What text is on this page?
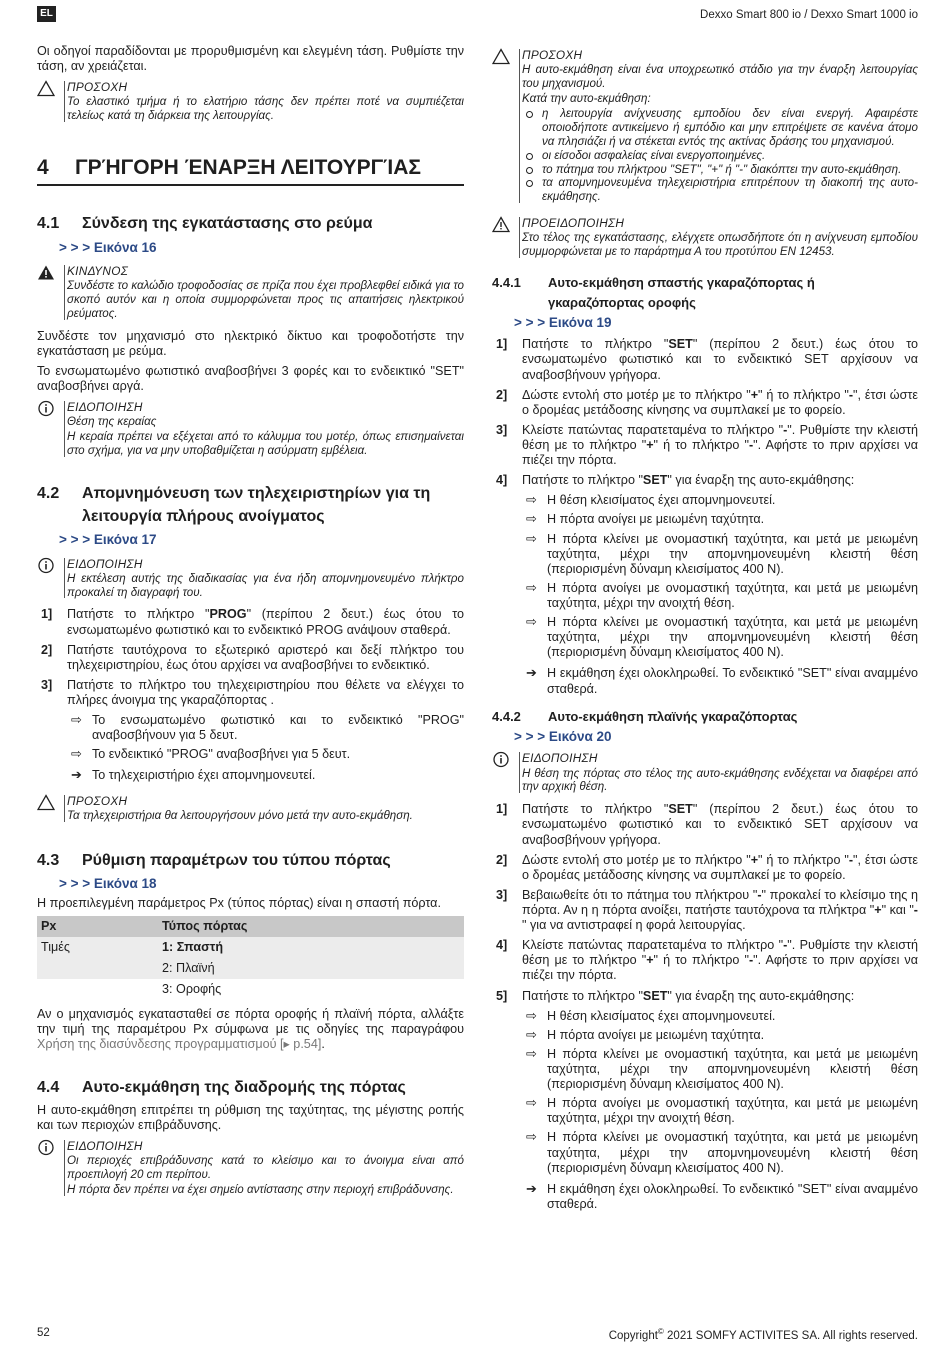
EL	Dexxo Smart 800 io / Dexxo Smart 1000 io

Οι οδηγοί παραδίδονται με προρυθμισμένη και ελεγμένη τάση. Ρυθμίστε την τάση, αν χρειάζεται.

ΠΡΟΣΟΧΗ
Το ελαστικό τμήμα ή το ελατήριο τάσης δεν πρέπει ποτέ να συμπιέζεται τελείως κατά τη διάρκεια της λειτουργίας.
4 ΓΡΉΓΟΡΗ ΈΝΑΡΞΗ ΛΕΙΤΟΥΡΓΊΑΣ
4.1 Σύνδεση της εγκατάστασης στο ρεύμα
> > > Εικόνα 16
ΚΙΝΔΥΝΟΣ
Συνδέστε το καλώδιο τροφοδοσίας σε πρίζα που έχει προβλεφθεί ειδικά για το σκοπό αυτόν και η οποία συμμορφώνεται προς τις απαιτήσεις ηλεκτρικού ρεύματος.

Συνδέστε τον μηχανισμό στο ηλεκτρικό δίκτυο και τροφοδοτήστε την εγκατάσταση με ρεύμα.

Το ενσωματωμένο φωτιστικό αναβοσβήνει 3 φορές και το ενδεικτικό "SET" αναβοσβήνει αργά.

ΕΙΔΟΠΟΙΗΣΗ

Θέση της κεραίας

Η κεραία πρέπει να εξέχεται από το κάλυμμα του μοτέρ, όπως επισημαίνεται στο σχήμα, για να μην υποβαθμίζεται η ασύρματη εμβέλεια.

4.2 Απομνημόνευση των τηλεχειριστηρίων για τη
λειτουργία πλήρους ανοίγματος
> > > Εικόνα 17
ΕΙΔΟΠΟΙΗΣΗ
Η εκτέλεση αυτής της διαδικασίας για ένα ήδη απομνημονευμένο πλήκτρο προκαλεί τη διαγραφή του.
1] Πατήστε το πλήκτρο "PROG" (περίπου 2 δευτ.) έως ότου το ενσωματωμένο φωτιστικό και το ενδεικτικό PROG ανάψουν σταθερά.
2] Πατήστε ταυτόχρονα το εξωτερικό αριστερό και δεξί πλήκτρο του τηλεχειριστηρίου, έως ότου αρχίσει να αναβοσβήνει το ενδεικτικό.
3] Πατήστε το πλήκτρο του τηλεχειριστηρίου που θέλετε να ελέγχει το πλήρες άνοιγμα της γκαραζόπορτας .
⇨ Το ενσωματωμένο φωτιστικό και το ενδεικτικό "PROG" αναβοσβήνουν για 5 δευτ.
⇨ Το ενδεικτικό "PROG" αναβοσβήνει για 5 δευτ.
➔ Το τηλεχειριστήριο έχει απομνημονευτεί.
ΠΡΟΣΟΧΗ
Τα τηλεχειριστήρια θα λειτουργήσουν μόνο μετά την αυτο-εκμάθηση.
4.3 Ρύθμιση παραμέτρων του τύπου πόρτας
> > > Εικόνα 18

Η προεπιλεγμένη παράμετρος Px (τύπος πόρτας) είναι η σπαστή πόρτα.

Px	Τύπος πόρτας
Τιμές	1: Σπαστή
	2: Πλαϊνή
	3: Οροφής

Αν ο μηχανισμός εγκατασταθεί σε πόρτα οροφής ή πλαϊνή πόρτα, αλλάξτε την τιμή της παραμέτρου Px σύμφωνα με τις οδηγίες της παραγράφου Χρήση της διασύνδεσης προγραμματισμού [▸ p.54].

4.4 Αυτο-εκμάθηση της διαδρομής της πόρτας

Η αυτο-εκμάθηση επιτρέπει τη ρύθμιση της ταχύτητας, της μέγιστης ροπής και των περιοχών επιβράδυνσης.

ΕΙΔΟΠΟΙΗΣΗ

Οι περιοχές επιβράδυνσης κατά το κλείσιμο και το άνοιγμα είναι από προεπιλογή 20 cm περίπου.

Η πόρτα δεν πρέπει να έχει σημείο αντίστασης στην περιοχή επιβράδυνσης.

ΠΡΟΣΟΧΗ

Η αυτο-εκμάθηση είναι ένα υποχρεωτικό στάδιο για την έναρξη λειτουργίας του μηχανισμού.

Κατά την αυτο-εκμάθηση:

η λειτουργία ανίχνευσης εμποδίου δεν είναι ενεργή. Αφαιρέστε οποιοδήποτε αντικείμενο ή εμπόδιο και μην επιτρέψετε σε κανένα άτομο να πλησιάζει ή να στέκεται εντός της ακτίνας δράσης του μηχανισμού.
οι είσοδοι ασφαλείας είναι ενεργοποιημένες.
το πάτημα του πλήκτρου "SET", "+" ή "-" διακόπτει την αυτο-εκμάθηση.
τα απομνημονευμένα τηλεχειριστήρια επιτρέπουν τη διακοπή της αυτο-εκμάθησης.
ΠΡΟΕΙΔΟΠΟΙΗΣΗ
Στο τέλος της εγκατάστασης, ελέγχετε οπωσδήποτε ότι η ανίχνευση εμποδίου συμμορφώνεται με το παράρτημα Α του προτύπου EN 12453.
4.4.1 Αυτο-εκμάθηση σπαστής γκαραζόπορτας ή
γκαραζόπορτας οροφής
> > > Εικόνα 19
1] Πατήστε το πλήκτρο "SET" (περίπου 2 δευτ.) έως ότου το ενσωματωμένο φωτιστικό και το ενδεικτικό SET αρχίσουν να αναβοσβήνουν γρήγορα.
2] Δώστε εντολή στο μοτέρ με το πλήκτρο "+" ή το πλήκτρο "-", έτσι ώστε ο δρομέας μετάδοσης κίνησης να συμπλακεί με το φορείο.
3] Κλείστε πατώντας παρατεταμένα το πλήκτρο "-". Ρυθμίστε την κλειστή θέση με το πλήκτρο "+" ή το πλήκτρο "-". Αφήστε το πριν αρχίσει να πιέζει την πόρτα.
4] Πατήστε το πλήκτρο "SET" για έναρξη της αυτο-εκμάθησης:
⇨ Η θέση κλεισίματος έχει απομνημονευτεί.
⇨ Η πόρτα ανοίγει με μειωμένη ταχύτητα.
⇨ Η πόρτα κλείνει με ονομαστική ταχύτητα, και μετά με μειωμένη ταχύτητα, μέχρι την απομνημονευμένη κλειστή θέση (περιορισμένη δύναμη κλεισίματος 400 N).
⇨ Η πόρτα ανοίγει με ονομαστική ταχύτητα, και μετά με μειωμένη ταχύτητα, μέχρι την ανοιχτή θέση.
⇨ Η πόρτα κλείνει με ονομαστική ταχύτητα, και μετά με μειωμένη ταχύτητα, μέχρι την απομνημονευμένη κλειστή θέση (περιορισμένη δύναμη κλεισίματος 400 N).
➔ Η εκμάθηση έχει ολοκληρωθεί. Το ενδεικτικό "SET" είναι αναμμένο σταθερά.
4.4.2 Αυτο-εκμάθηση πλαϊνής γκαραζόπορτας
> > > Εικόνα 20
ΕΙΔΟΠΟΙΗΣΗ
Η θέση της πόρτας στο τέλος της αυτο-εκμάθησης ενδέχεται να διαφέρει από την αρχική θέση.
1] Πατήστε το πλήκτρο "SET" (περίπου 2 δευτ.) έως ότου το ενσωματωμένο φωτιστικό και το ενδεικτικό SET αρχίσουν να αναβοσβήνουν γρήγορα.
2] Δώστε εντολή στο μοτέρ με το πλήκτρο "+" ή το πλήκτρο "-", έτσι ώστε ο δρομέας μετάδοσης κίνησης να συμπλακεί με το φορείο.
3] Βεβαιωθείτε ότι το πάτημα του πλήκτρου "-" προκαλεί το κλείσιμο της η πόρτα. Αν η η πόρτα ανοίξει, πατήστε ταυτόχρονα τα πλήκτρα "+" και "-" για να αντιστραφεί η φορά λειτουργίας.
4] Κλείστε πατώντας παρατεταμένα το πλήκτρο "-". Ρυθμίστε την κλειστή θέση με το πλήκτρο "+" ή το πλήκτρο "-". Αφήστε το πριν αρχίσει να πιέζει την πόρτα.
5] Πατήστε το πλήκτρο "SET" για έναρξη της αυτο-εκμάθησης:
⇨ Η θέση κλεισίματος έχει απομνημονευτεί.
⇨ Η πόρτα ανοίγει με μειωμένη ταχύτητα.
⇨ Η πόρτα κλείνει με ονομαστική ταχύτητα, και μετά με μειωμένη ταχύτητα, μέχρι την απομνημονευμένη κλειστή θέση (περιορισμένη δύναμη κλεισίματος 400 N).
⇨ Η πόρτα ανοίγει με ονομαστική ταχύτητα, και μετά με μειωμένη ταχύτητα, μέχρι την ανοιχτή θέση.
⇨ Η πόρτα κλείνει με ονομαστική ταχύτητα, και μετά με μειωμένη ταχύτητα, μέχρι την απομνημονευμένη κλειστή θέση (περιορισμένη δύναμη κλεισίματος 400 N).
➔ Η εκμάθηση έχει ολοκληρωθεί. Το ενδεικτικό "SET" είναι αναμμένο σταθερά.
52	Copyright© 2021 SOMFY ACTIVITES SA. All rights reserved.
